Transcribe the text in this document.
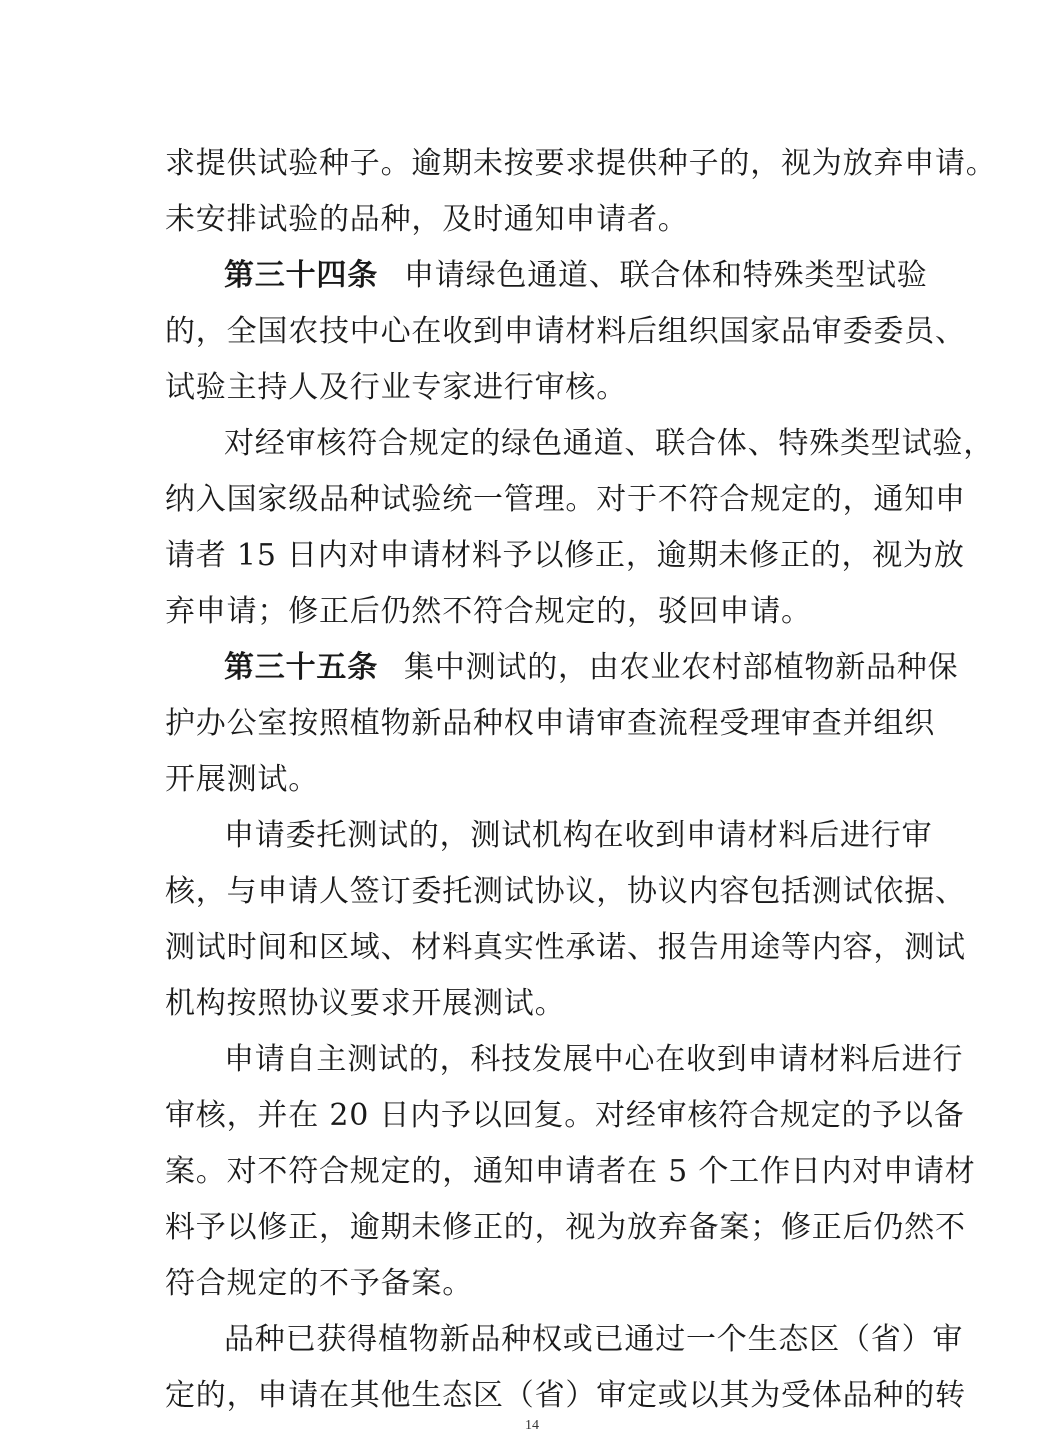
求提供试验种子。逾期未按要求提供种子的，视为放弃申请。
未安排试验的品种，及时通知申请者。
第三十四条 申请绿色通道、联合体和特殊类型试验
的，全国农技中心在收到申请材料后组织国家品审委委员、
试验主持人及行业专家进行审核。
对经审核符合规定的绿色通道、联合体、特殊类型试验，
纳入国家级品种试验统一管理。对于不符合规定的，通知申
请者 15 日内对申请材料予以修正，逾期未修正的，视为放
弃申请；修正后仍然不符合规定的，驳回申请。
第三十五条 集中测试的，由农业农村部植物新品种保
护办公室按照植物新品种权申请审查流程受理审查并组织
开展测试。
申请委托测试的，测试机构在收到申请材料后进行审
核，与申请人签订委托测试协议，协议内容包括测试依据、
测试时间和区域、材料真实性承诺、报告用途等内容，测试
机构按照协议要求开展测试。
申请自主测试的，科技发展中心在收到申请材料后进行
审核，并在 20 日内予以回复。对经审核符合规定的予以备
案。对不符合规定的，通知申请者在 5 个工作日内对申请材
料予以修正，逾期未修正的，视为放弃备案；修正后仍然不
符合规定的不予备案。
品种已获得植物新品种权或已通过一个生态区（省）审
定的，申请在其他生态区（省）审定或以其为受体品种的转
14
